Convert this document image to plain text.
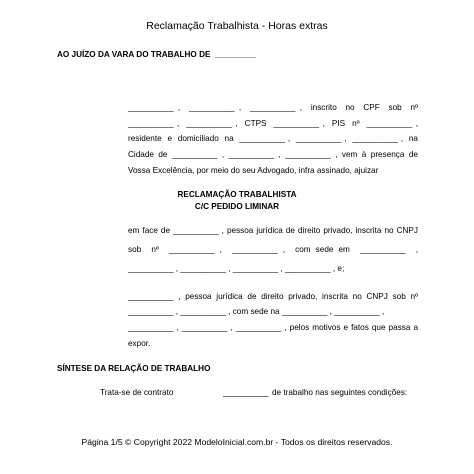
Reclamação Trabalhista - Horas extras
AO JUÍZO DA VARA DO TRABALHO DE  _________
__________ ,  __________ ,  __________ ,  inscrito  no  CPF  sob  nº
__________ ,  __________ ,  CTPS  __________ ,  PIS  nº  __________ ,
residente  e  domiciliado  na  __________ ,  __________ ,  __________ ,  na
Cidade de __________ , __________ , __________ , vem à presença de
Vossa Excelência, por meio do seu Advogado, infra assinado, ajuizar
RECLAMAÇÃO TRABALHISTA
C/C PEDIDO LIMINAR
em face de __________ , pessoa jurídica de direito privado, inscrita no CNPJ
sob  nº  __________ ,  __________ ,  com sede em  __________  ,
__________ , __________ , __________ , __________ , e;
__________ , pessoa jurídica de direito privado, inscrita no CNPJ sob nº
__________ , __________ , com sede na __________ , __________ ,
__________ , __________ , __________ , pelos motivos e fatos que passa a
expor.
SÍNTESE DA RELAÇÃO DE TRABALHO
Trata-se de contrato	__________ de trabalho nas seguintes condições:
Página 1/5 © Copyright 2022 ModeloInicial.com.br - Todos os direitos reservados.
